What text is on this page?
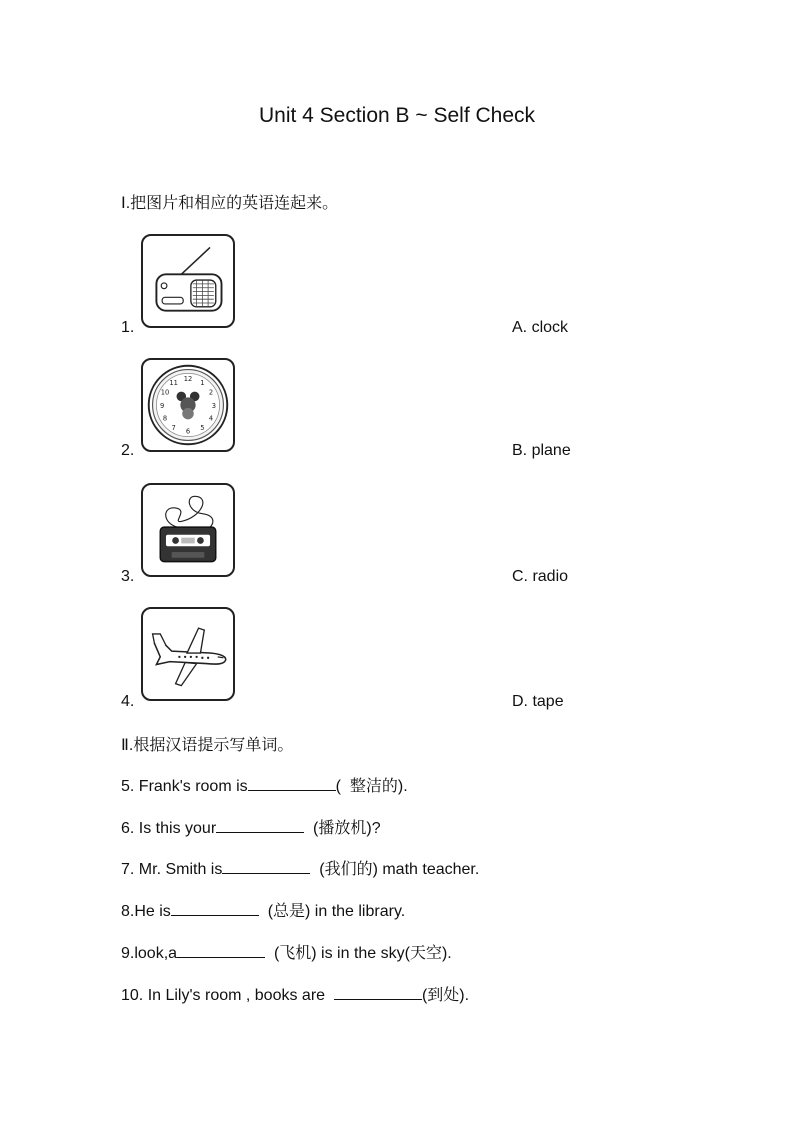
Unit 4 Section B ~ Self Check
Ⅰ.把图片和相应的英语连起来。
1.	A. clock
12 1
2
3
4
5
6
7
8
9
10
11
2.	B. plane
3.	C. radio
4.	D. tape
Ⅱ.根据汉语提示写单词。
5. Frank's room is	(  整洁的).
6. Is this your	(播放机)?
7. Mr. Smith is	(我们的) math teacher.
8.He is	(总是) in the library.
9.look,a	(飞机) is in the sky(天空).
10. In Lily's room , books are	(到处).
